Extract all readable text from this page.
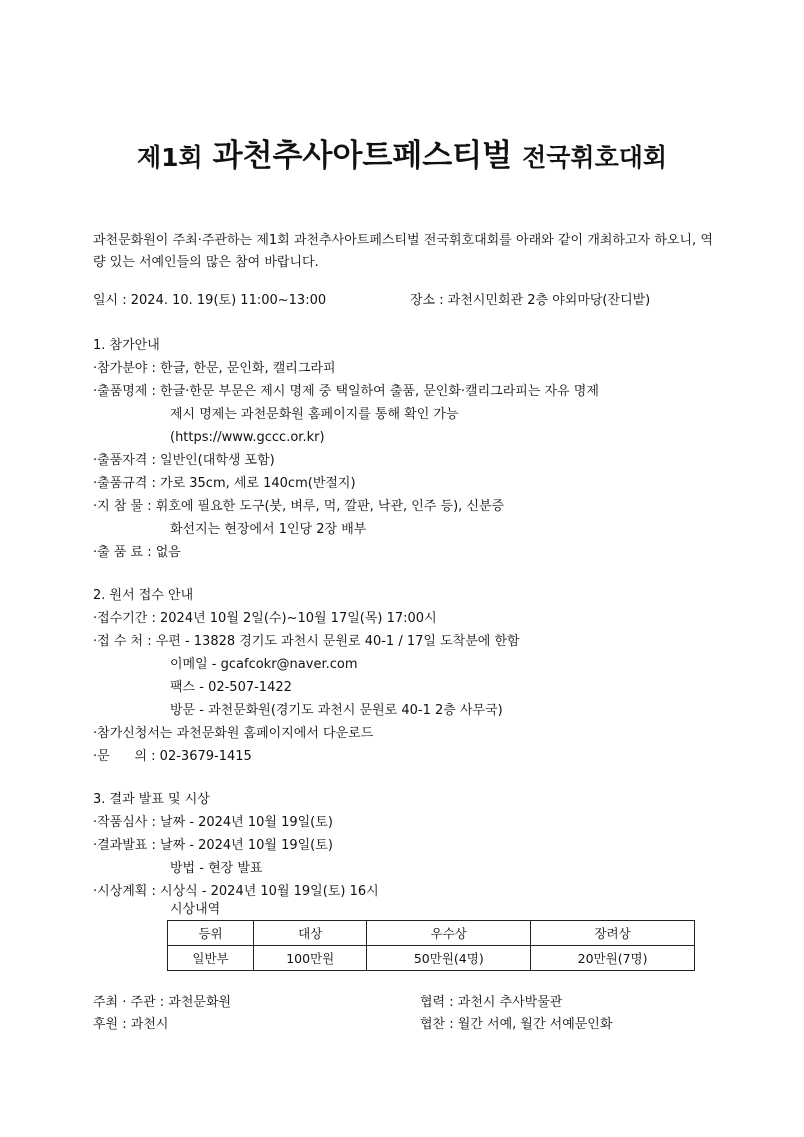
제1회 과천추사아트페스티벌 전국휘호대회
과천문화원이 주최·주관하는 제1회 과천추사아트페스티벌 전국휘호대회를 아래와 같이 개최하고자 하오니, 역량 있는 서예인들의 많은 참여 바랍니다.
일시 : 2024. 10. 19(토) 11:00~13:00	장소 : 과천시민회관 2층 야외마당(잔디밭)
1. 참가안내
·참가분야 : 한글, 한문, 문인화, 캘리그라피
·출품명제 : 한글·한문 부문은 제시 명제 중 택일하여 출품, 문인화·캘리그라피는 자유 명제
제시 명제는 과천문화원 홈페이지를 통해 확인 가능
(https://www.gccc.or.kr)
·출품자격 : 일반인(대학생 포함)
·출품규격 : 가로 35cm, 세로 140cm(반절지)
·지 참 물 : 휘호에 필요한 도구(붓, 벼루, 먹, 깔판, 낙관, 인주 등), 신분증
화선지는 현장에서 1인당 2장 배부
·출 품 료 : 없음
2. 원서 접수 안내
·접수기간 : 2024년 10월 2일(수)~10월 17일(목) 17:00시
·접 수 처 : 우편 - 13828 경기도 과천시 문원로 40-1 / 17일 도착분에 한함
이메일 - gcafcokr@naver.com
팩스 - 02-507-1422
방문 - 과천문화원(경기도 과천시 문원로 40-1 2층 사무국)
·참가신청서는 과천문화원 홈페이지에서 다운로드
·문      의 : 02-3679-1415
3. 결과 발표 및 시상
·작품심사 : 날짜 - 2024년 10월 19일(토)
·결과발표 : 날짜 - 2024년 10월 19일(토)
방법 - 현장 발표
·시상계획 : 시상식 - 2024년 10월 19일(토) 16시
시상내역
등위	대상	우수상	장려상
일반부	100만원	50만원(4명)	20만원(7명)
주최 · 주관 : 과천문화원
후원 : 과천시
협력 : 과천시 추사박물관
협찬 : 월간 서예, 월간 서예문인화
